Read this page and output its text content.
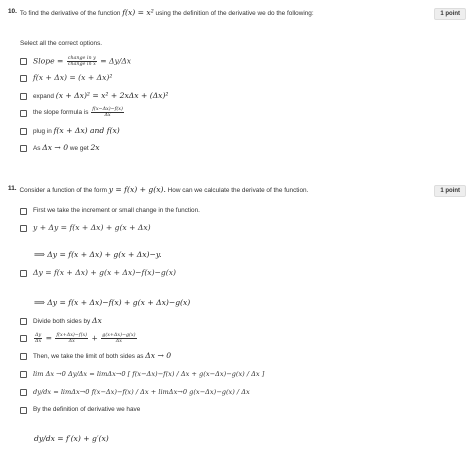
10. To find the derivative of the function f(x) = x² using the definition of the derivative we do the following:	1 point
Select all the correct options.
Slope = $\frac{\text{change in y}}{\text{change in x}} = \Delta y/\Delta x$
f(x + Δx) = (x + Δx)²
expand (x + Δx)² = x² + 2xΔx + (Δx)²
the slope formula is $\frac{f(x-\Delta x)-f(x)}{\Delta x}$
plug in f(x + Δx) and f(x)
As Δx → 0 we get 2x
11. Consider a function of the form y = f(x) + g(x). How can we calculate the derivate of the function.	1 point
First we take the increment or small change in the function.
y + Δy = f(x + Δx) + g(x + Δx)
⟹ Δy = f(x + Δx) + g(x + Δx)−y.
Δy = f(x + Δx) + g(x + Δx)−f(x)−g(x)
⟹ Δy = f(x + Δx)−f(x) + g(x + Δx)−g(x)
Divide both sides by Δx
$\frac{\Delta y}{\Delta x} = \frac{f(x+\Delta x)-f(x)}{\Delta x} + \frac{g(x+\Delta x)-g(x)}{\Delta x}$
Then, we take the limit of both sides as Δx → 0
lim Δx →0 Δy/Δx = limΔx→0 [ f(x−Δx)−f(x) / Δx + g(x−Δx)−g(x) / Δx ]
dy/dx = limΔx→0 f(x−Δx)−f(x) / Δx + limΔx→0 g(x−Δx)−g(x) / Δx
By the definition of derivative we have
dy/dx = f′(x) + g′(x)
